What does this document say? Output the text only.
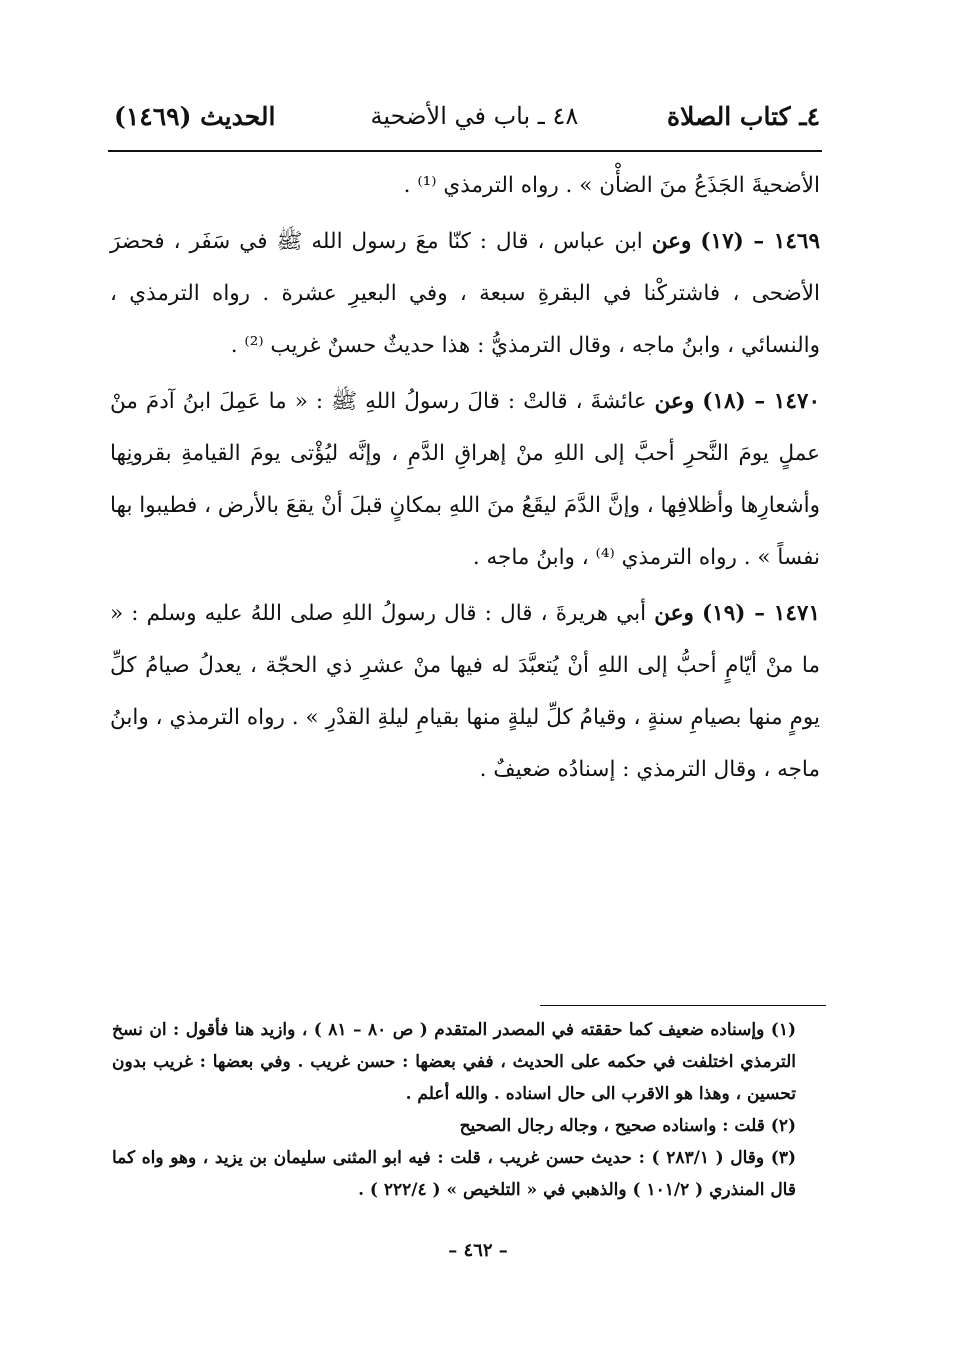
٤ـ كتاب الصلاة
٤٨ ـ باب في الأضحية
الحديث (١٤٦٩)

الأضحيةَ الجَذَعُ منَ الضأْن » . رواه الترمذي ⁽¹⁾ .

١٤٦٩ – (١٧) وعن ابن عباس ، قال : كنّا معَ رسول الله ﷺ في سَفَر ، فحضرَ الأضحى ، فاشتركْنا في البقرةِ سبعة ، وفي البعيرِ عشرة . رواه الترمذي ، والنسائي ، وابنُ ماجه ، وقال الترمذيُّ : هذا حديثٌ حسنٌ غريب ⁽²⁾ .

١٤٧٠ – (١٨) وعن عائشةَ ، قالتْ : قالَ رسولُ اللهِ ﷺ : « ما عَمِلَ ابنُ آدمَ منْ عملٍ يومَ النَّحرِ أحبَّ إلى اللهِ منْ إهراقِ الدَّمِ ، وإنَّه ليُؤْتى يومَ القيامةِ بقرونِها وأشعارِها وأظلافِها ، وإنَّ الدَّمَ ليقَعُ منَ اللهِ بمكانٍ قبلَ أنْ يقعَ بالأرض ، فطيبوا بها نفساً » . رواه الترمذي ⁽⁴⁾ ، وابنُ ماجه .

١٤٧١ – (١٩) وعن أبي هريرةَ ، قال : قال رسولُ اللهِ صلى اللهُ عليه وسلم : « ما منْ أيّامٍ أحبُّ إلى اللهِ أنْ يُتعبَّدَ له فيها منْ عشرِ ذي الحجّة ، يعدلُ صيامُ كلِّ يومٍ منها بصيامِ سنةٍ ، وقيامُ كلِّ ليلةٍ منها بقيامِ ليلةِ القدْرِ » . رواه الترمذي ، وابنُ ماجه ، وقال الترمذي : إسنادُه ضعيفٌ .

(١) وإسناده ضعيف كما حققته في المصدر المتقدم ( ص ٨٠ – ٨١ ) ، وازيد هنا فأقول : ان نسخ الترمذي اختلفت في حكمه على الحديث ، ففي بعضها : حسن غريب . وفي بعضها : غريب بدون تحسين ، وهذا هو الاقرب الى حال اسناده . والله أعلم .

(٢) قلت : واسناده صحيح ، وجاله رجال الصحيح

(٣) وقال ( ٢٨٣/١ ) : حديث حسن غريب ، قلت : فيه ابو المثنى سليمان بن يزيد ، وهو واه كما قال المنذري ( ١٠١/٢ ) والذهبي في « التلخيص » ( ٢٢٢/٤ ) .

– ٤٦٢ –
